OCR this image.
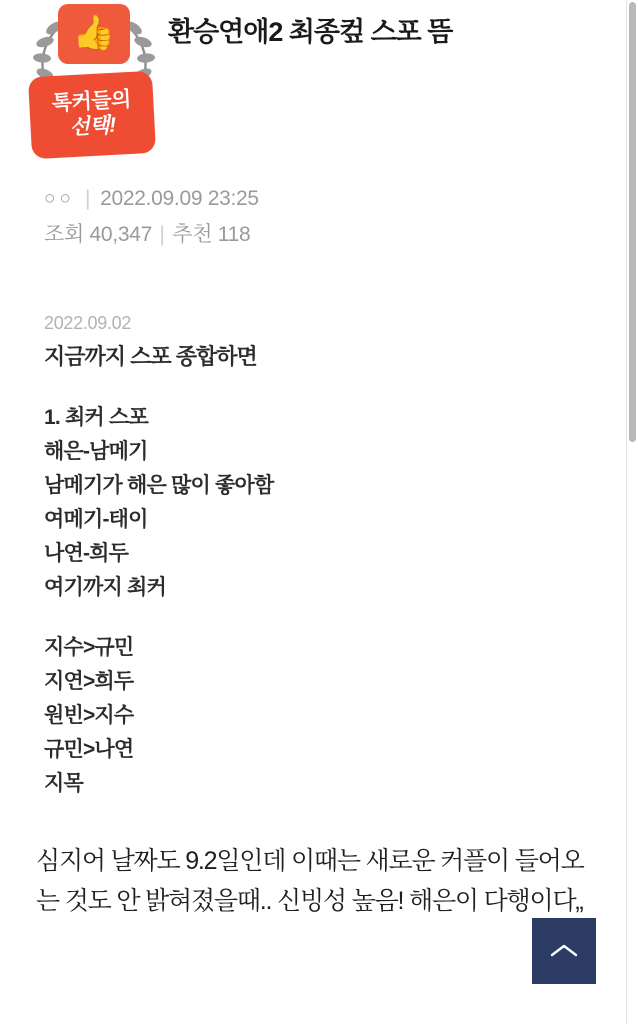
👍
톡커들의
선택!
환승연애2 최종컾 스포 뜸
○○ | 2022.09.09 23:25
조회 40,347 | 추천 118
2022.09.02
지금까지 스포 종합하면
1. 최커 스포
해은-남메기
남메기가 해은 많이 좋아함
여메기-태이
나연-희두
여기까지 최커
지수>규민
지연>희두
원빈>지수
규민>나연
지목
심지어 날짜도 9.2일인데 이때는 새로운 커플이 들어오는 것도 안 밝혀졌을때.. 신빙성 높음! 해은이 다행이다„
